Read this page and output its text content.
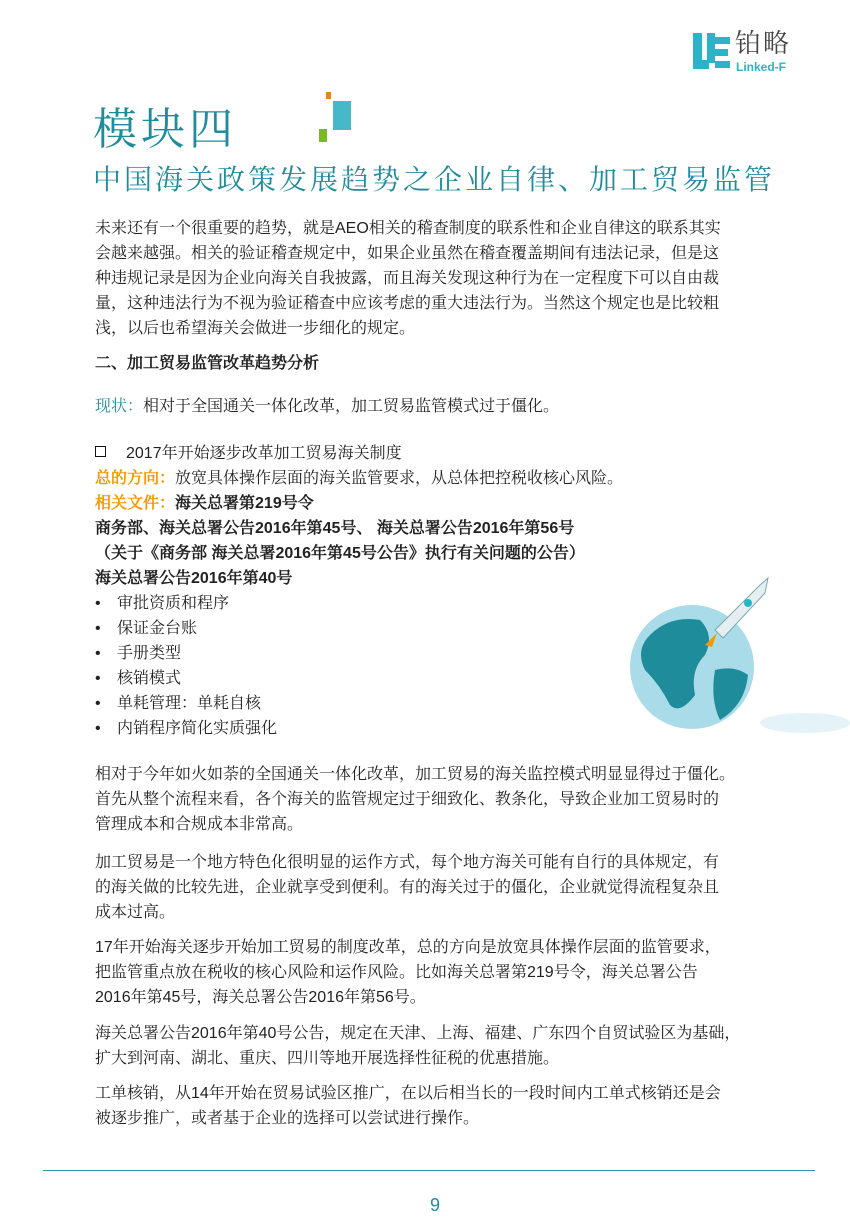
铂略
Linked-F
模块四
中国海关政策发展趋势之企业自律、加工贸易监管
未来还有一个很重要的趋势，就是AEO相关的稽查制度的联系性和企业自律这的联系其实
会越来越强。相关的验证稽查规定中，如果企业虽然在稽查覆盖期间有违法记录，但是这
种违规记录是因为企业向海关自我披露，而且海关发现这种行为在一定程度下可以自由裁
量，这种违法行为不视为验证稽查中应该考虑的重大违法行为。当然这个规定也是比较粗
浅，以后也希望海关会做进一步细化的规定。
二、加工贸易监管改革趋势分析
现状：相对于全国通关一体化改革，加工贸易监管模式过于僵化。
2017年开始逐步改革加工贸易海关制度
总的方向：放宽具体操作层面的海关监管要求，从总体把控税收核心风险。
相关文件：海关总署第219号令
商务部、海关总署公告2016年第45号、 海关总署公告2016年第56号
（关于《商务部 海关总署2016年第45号公告》执行有关问题的公告）
海关总署公告2016年第40号
• 审批资质和程序
• 保证金台账
• 手册类型
• 核销模式
• 单耗管理：单耗自核
• 内销程序简化实质强化
相对于今年如火如荼的全国通关一体化改革，加工贸易的海关监控模式明显显得过于僵化。
首先从整个流程来看，各个海关的监管规定过于细致化、教条化，导致企业加工贸易时的
管理成本和合规成本非常高。
加工贸易是一个地方特色化很明显的运作方式，每个地方海关可能有自行的具体规定，有
的海关做的比较先进，企业就享受到便利。有的海关过于的僵化，企业就觉得流程复杂且
成本过高。
17年开始海关逐步开始加工贸易的制度改革，总的方向是放宽具体操作层面的监管要求，
把监管重点放在税收的核心风险和运作风险。比如海关总署第219号令，海关总署公告
2016年第45号，海关总署公告2016年第56号。
海关总署公告2016年第40号公告，规定在天津、上海、福建、广东四个自贸试验区为基础，
扩大到河南、湖北、重庆、四川等地开展选择性征税的优惠措施。
工单核销，从14年开始在贸易试验区推广，在以后相当长的一段时间内工单式核销还是会
被逐步推广，或者基于企业的选择可以尝试进行操作。
9
